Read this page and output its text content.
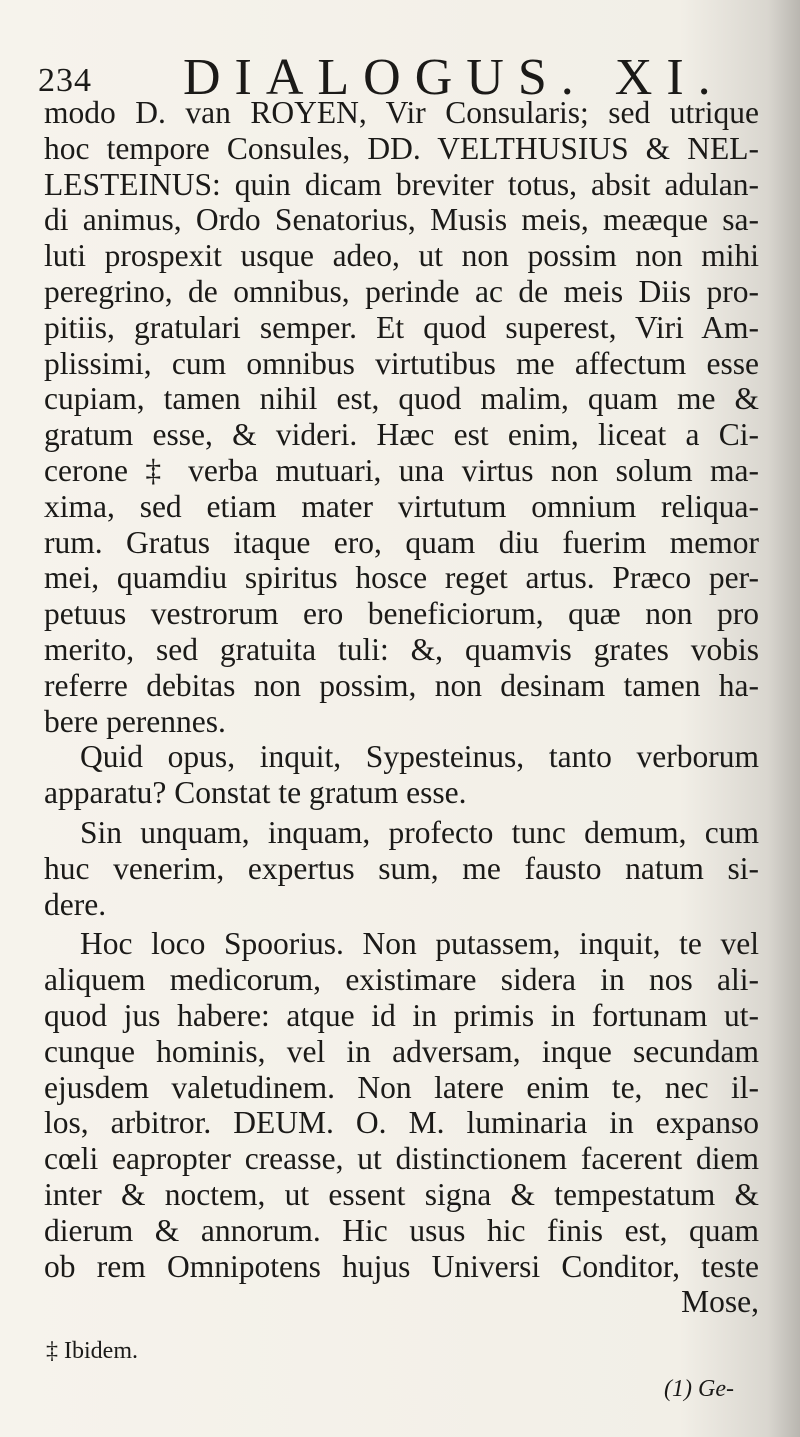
234 DIALOGUS. XI.
modo D. van ROYEN, Vir Consularis; sed utrique
hoc tempore Consules, DD. VELTHUSIUS & NEL-
LESTEINUS: quin dicam breviter totus, absit adulan-
di animus, Ordo Senatorius, Musis meis, meæque sa-
luti prospexit usque adeo, ut non possim non mihi
peregrino, de omnibus, perinde ac de meis Diis pro-
pitiis, gratulari semper. Et quod superest, Viri Am-
plissimi, cum omnibus virtutibus me affectum esse
cupiam, tamen nihil est, quod malim, quam me &
gratum esse, & videri. Hæc est enim, liceat a Ci-
cerone ‡ verba mutuari, una virtus non solum ma-
xima, sed etiam mater virtutum omnium reliqua-
rum. Gratus itaque ero, quam diu fuerim memor
mei, quamdiu spiritus hosce reget artus. Præco per-
petuus vestrorum ero beneficiorum, quæ non pro
merito, sed gratuita tuli: &, quamvis grates vobis
referre debitas non possim, non desinam tamen ha-
bere perennes.
Quid opus, inquit, Sypesteinus, tanto verborum
apparatu? Constat te gratum esse.
Sin unquam, inquam, profecto tunc demum, cum
huc venerim, expertus sum, me fausto natum si-
dere.
Hoc loco Spoorius. Non putassem, inquit, te vel
aliquem medicorum, existimare sidera in nos ali-
quod jus habere: atque id in primis in fortunam ut-
cunque hominis, vel in adversam, inque secundam
ejusdem valetudinem. Non latere enim te, nec il-
los, arbitror. DEUM. O. M. luminaria in expanso
cœli eapropter creasse, ut distinctionem facerent diem
inter & noctem, ut essent signa & tempestatum &
dierum & annorum. Hic usus hic finis est, quam
ob rem Omnipotens hujus Universi Conditor, teste
Mose,
‡ Ibidem.
(1) Ge-
